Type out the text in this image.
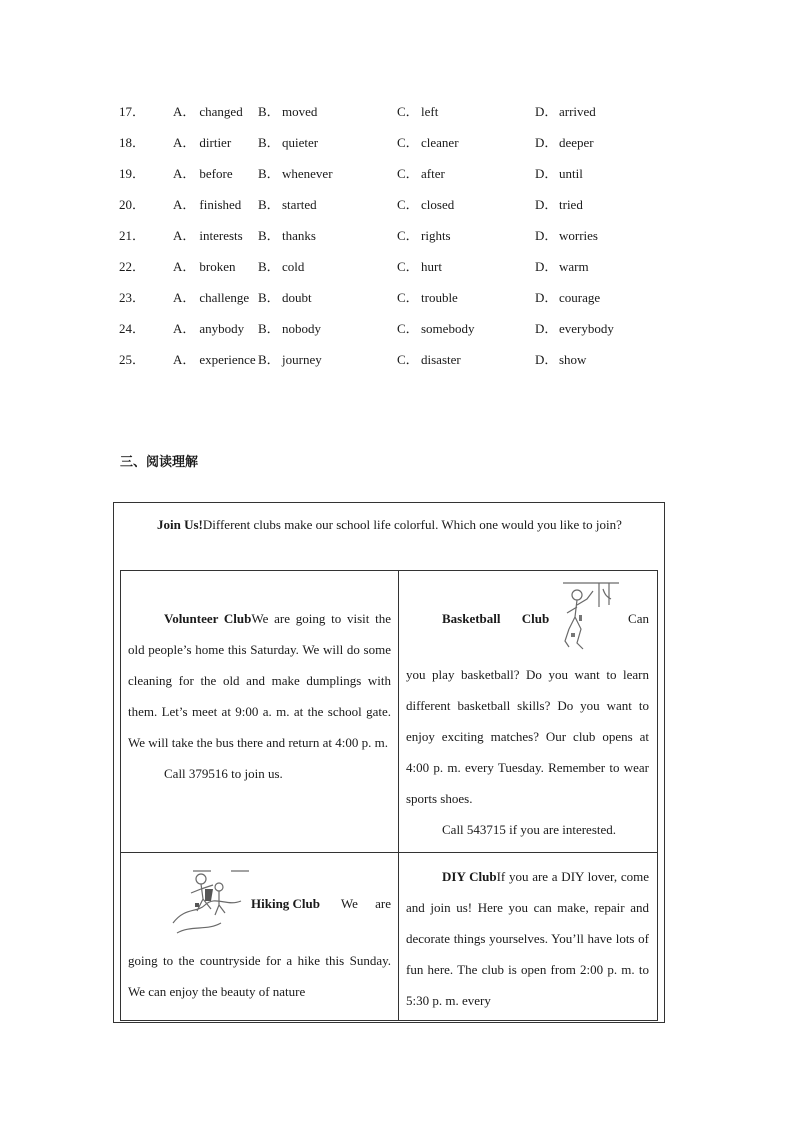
17． A． changed B． moved	C． left	D． arrived
18． A． dirtier B． quieter	C． cleaner	D． deeper
19． A． before B． whenever	C． after	D． until
20． A． finished B． started	C． closed	D． tried
21． A． interests B． thanks	C． rights	D． worries
22． A． broken B． cold	C． hurt	D． warm
23． A． challenge B． doubt	C． trouble	D． courage
24． A． anybody B． nobody	C． somebody	D． everybody
25． A． experience B． journey	C． disaster	D． show
三、阅读理解
Join Us!Different clubs make our school life colorful. Which one would you like to join?
Volunteer ClubWe are going to visit the old people’s home this Saturday. We will do some cleaning for the old and make dumplings with them. Let’s meet at 9:00 a. m. at the school gate. We will take the bus there and return at 4:00 p. m.
Call 379516 to join us.
Basketball Club	Can
you play basketball? Do you want to learn different basketball skills? Do you want to enjoy exciting matches? Our club opens at 4:00 p. m. every Tuesday. Remember to wear sports shoes.
Call 543715 if you are interested.
Hiking Club We are
going to the countryside for a hike this Sunday. We can enjoy the beauty of nature
DIY ClubIf you are a DIY lover, come and join us! Here you can make, repair and decorate things yourselves. You’ll have lots of fun here. The club is open from 2:00 p. m. to 5:30 p. m. every
